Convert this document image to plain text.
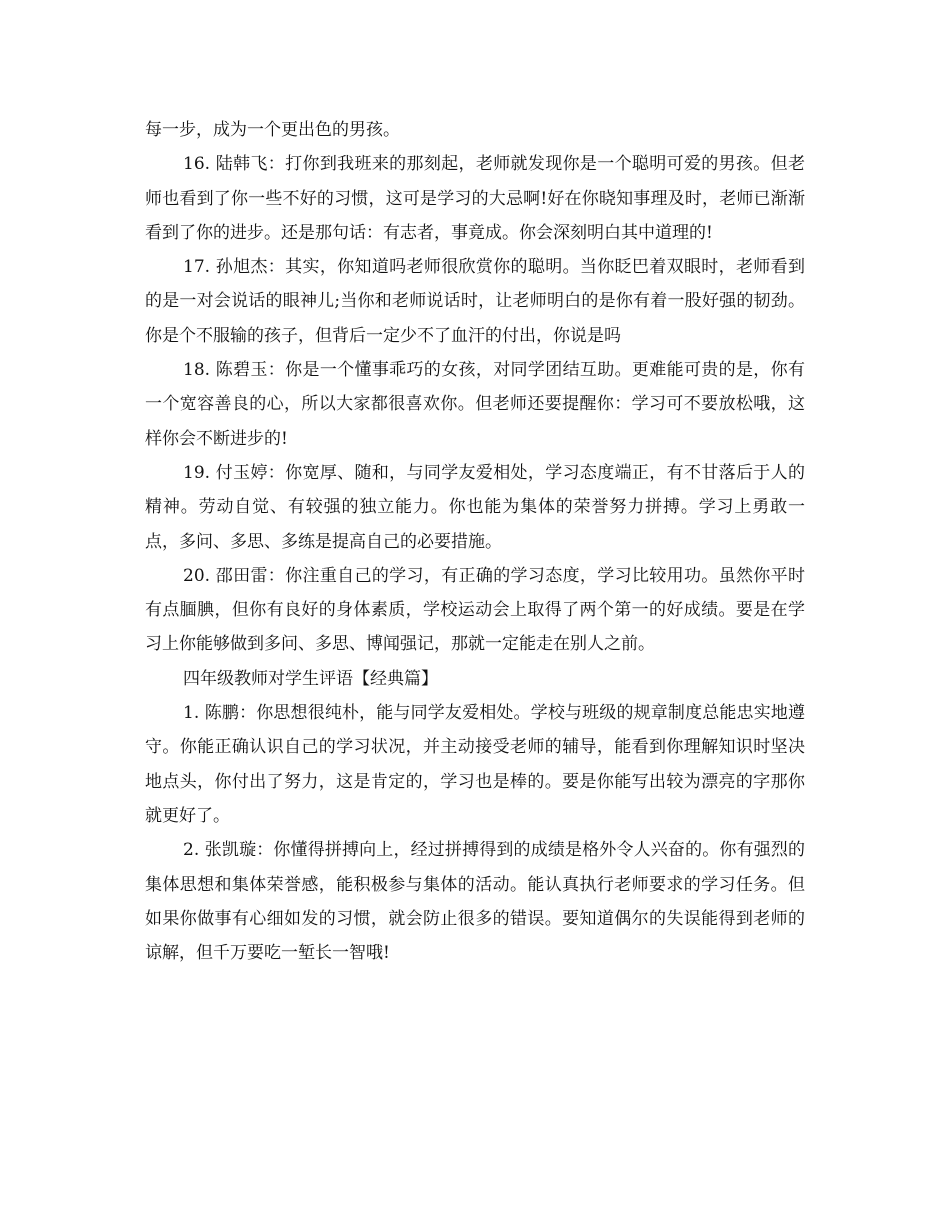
每一步，成为一个更出色的男孩。

16. 陆韩飞：打你到我班来的那刻起，老师就发现你是一个聪明可爱的男孩。但老师也看到了你一些不好的习惯，这可是学习的大忌啊!好在你晓知事理及时，老师已渐渐看到了你的进步。还是那句话：有志者，事竟成。你会深刻明白其中道理的!

17. 孙旭杰：其实，你知道吗老师很欣赏你的聪明。当你眨巴着双眼时，老师看到的是一对会说话的眼神儿;当你和老师说话时，让老师明白的是你有着一股好强的韧劲。你是个不服输的孩子，但背后一定少不了血汗的付出，你说是吗

18. 陈碧玉：你是一个懂事乖巧的女孩，对同学团结互助。更难能可贵的是，你有一个宽容善良的心，所以大家都很喜欢你。但老师还要提醒你：学习可不要放松哦，这样你会不断进步的!

19. 付玉婷：你宽厚、随和，与同学友爱相处，学习态度端正，有不甘落后于人的精神。劳动自觉、有较强的独立能力。你也能为集体的荣誉努力拼搏。学习上勇敢一点，多问、多思、多练是提高自己的必要措施。

20. 邵田雷：你注重自己的学习，有正确的学习态度，学习比较用功。虽然你平时有点腼腆，但你有良好的身体素质，学校运动会上取得了两个第一的好成绩。要是在学习上你能够做到多问、多思、博闻强记，那就一定能走在别人之前。

四年级教师对学生评语【经典篇】

1. 陈鹏：你思想很纯朴，能与同学友爱相处。学校与班级的规章制度总能忠实地遵守。你能正确认识自己的学习状况，并主动接受老师的辅导，能看到你理解知识时坚决地点头，你付出了努力，这是肯定的，学习也是棒的。要是你能写出较为漂亮的字那你就更好了。

2. 张凯璇：你懂得拼搏向上，经过拼搏得到的成绩是格外令人兴奋的。你有强烈的集体思想和集体荣誉感，能积极参与集体的活动。能认真执行老师要求的学习任务。但如果你做事有心细如发的习惯，就会防止很多的错误。要知道偶尔的失误能得到老师的谅解，但千万要吃一堑长一智哦!
